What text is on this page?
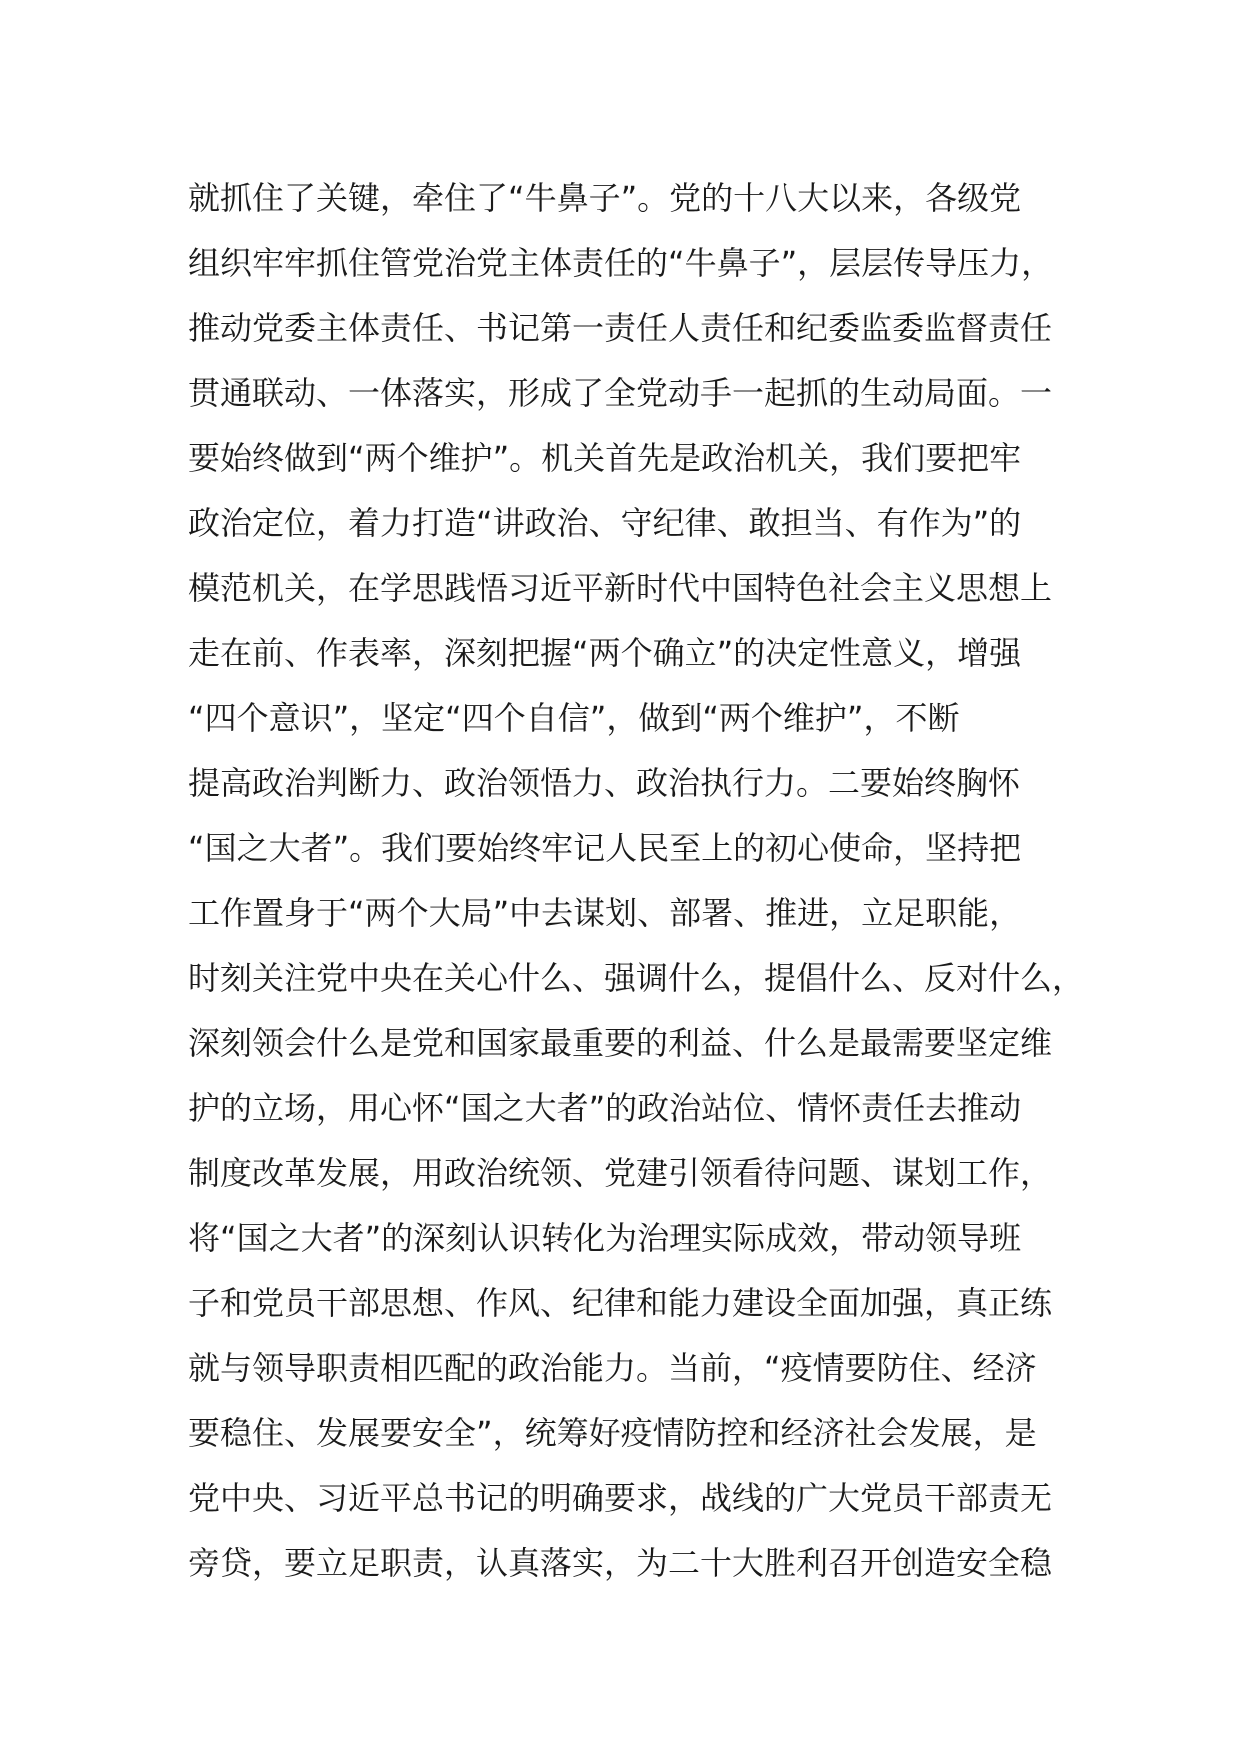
就抓住了关键，牵住了“牛鼻子”。党的十八大以来，各级党
组织牢牢抓住管党治党主体责任的“牛鼻子”，层层传导压力，
推动党委主体责任、书记第一责任人责任和纪委监委监督责任
贯通联动、一体落实，形成了全党动手一起抓的生动局面。一
要始终做到“两个维护”。机关首先是政治机关，我们要把牢
政治定位，着力打造“讲政治、守纪律、敢担当、有作为”的
模范机关，在学思践悟习近平新时代中国特色社会主义思想上
走在前、作表率，深刻把握“两个确立”的决定性意义，增强
“四个意识”，坚定“四个自信”，做到“两个维护”，不断
提高政治判断力、政治领悟力、政治执行力。二要始终胸怀
“国之大者”。我们要始终牢记人民至上的初心使命，坚持把
工作置身于“两个大局”中去谋划、部署、推进，立足职能，
时刻关注党中央在关心什么、强调什么，提倡什么、反对什么，
深刻领会什么是党和国家最重要的利益、什么是最需要坚定维
护的立场，用心怀“国之大者”的政治站位、情怀责任去推动
制度改革发展，用政治统领、党建引领看待问题、谋划工作，
将“国之大者”的深刻认识转化为治理实际成效，带动领导班
子和党员干部思想、作风、纪律和能力建设全面加强，真正练
就与领导职责相匹配的政治能力。当前，“疫情要防住、经济
要稳住、发展要安全”，统筹好疫情防控和经济社会发展，是
党中央、习近平总书记的明确要求，战线的广大党员干部责无
旁贷，要立足职责，认真落实，为二十大胜利召开创造安全稳
